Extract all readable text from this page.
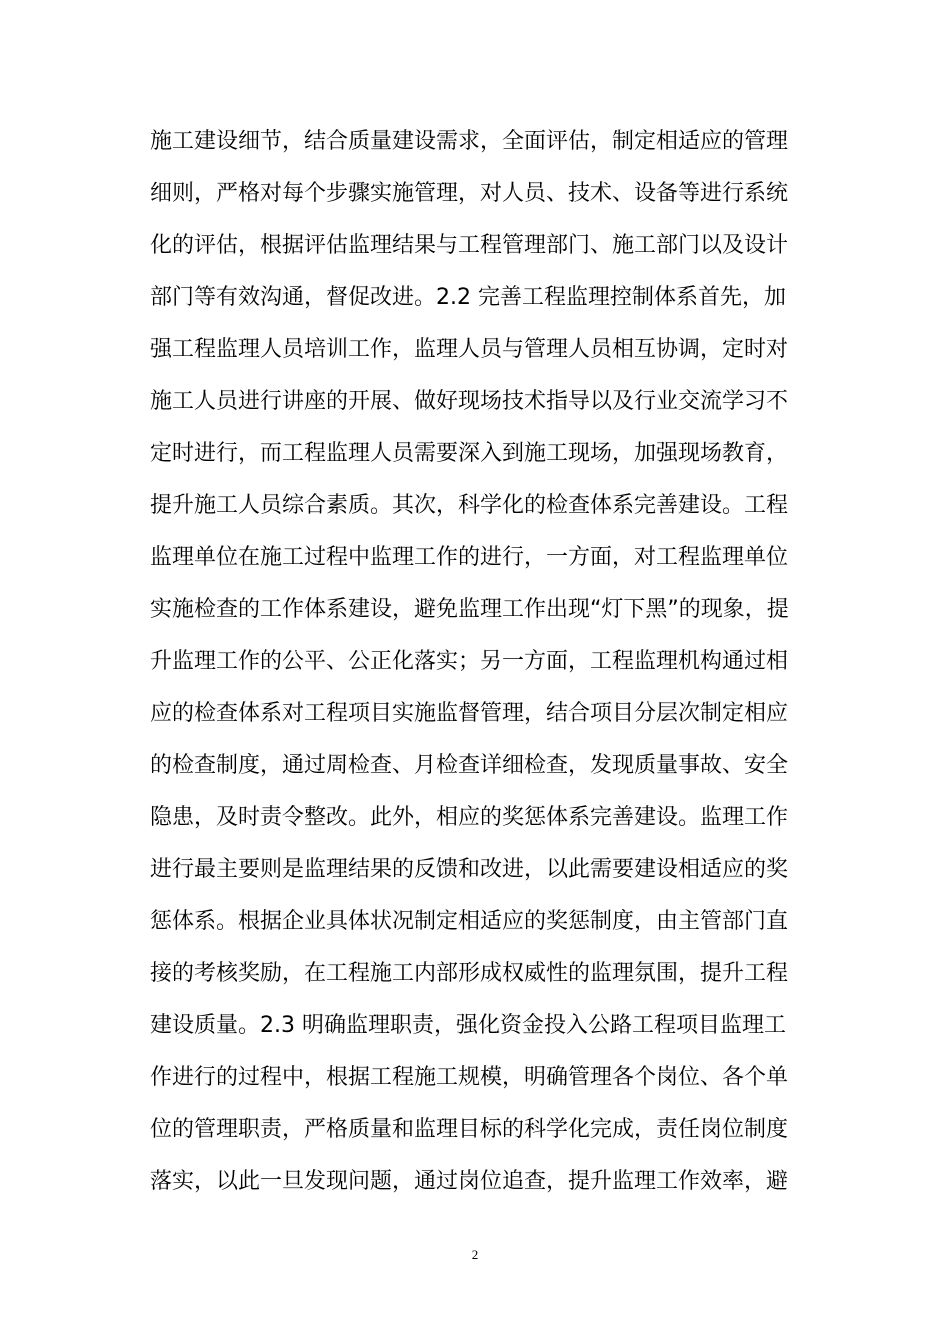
施工建设细节，结合质量建设需求，全面评估，制定相适应的管理
细则，严格对每个步骤实施管理，对人员、技术、设备等进行系统
化的评估，根据评估监理结果与工程管理部门、施工部门以及设计
部门等有效沟通，督促改进。2.2 完善工程监理控制体系首先，加
强工程监理人员培训工作，监理人员与管理人员相互协调，定时对
施工人员进行讲座的开展、做好现场技术指导以及行业交流学习不
定时进行，而工程监理人员需要深入到施工现场，加强现场教育，
提升施工人员综合素质。其次，科学化的检查体系完善建设。工程
监理单位在施工过程中监理工作的进行，一方面，对工程监理单位
实施检查的工作体系建设，避免监理工作出现“灯下黑”的现象，提
升监理工作的公平、公正化落实；另一方面，工程监理机构通过相
应的检查体系对工程项目实施监督管理，结合项目分层次制定相应
的检查制度，通过周检查、月检查详细检查，发现质量事故、安全
隐患，及时责令整改。此外，相应的奖惩体系完善建设。监理工作
进行最主要则是监理结果的反馈和改进，以此需要建设相适应的奖
惩体系。根据企业具体状况制定相适应的奖惩制度，由主管部门直
接的考核奖励，在工程施工内部形成权威性的监理氛围，提升工程
建设质量。2.3 明确监理职责，强化资金投入公路工程项目监理工
作进行的过程中，根据工程施工规模，明确管理各个岗位、各个单
位的管理职责，严格质量和监理目标的科学化完成，责任岗位制度
落实，以此一旦发现问题，通过岗位追查，提升监理工作效率，避
2
